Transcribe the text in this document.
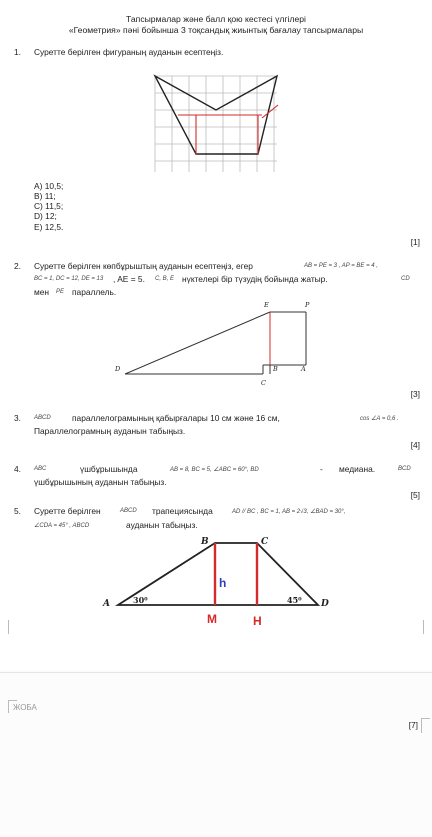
Тапсырмалар және балл қою кестесі үлгілері
«Геометрия» пәні бойынша 3 тоқсандық жиынтық бағалау тапсырмалары
1. Суретте берілген фигураның ауданын есептеңіз.
A) 10,5;
B) 11;
C) 11,5;
D) 12;
E) 12,5.
[1]
2. Суретте берілген көпбұрыштың ауданын есептеңіз, егер	AB = PE = 3 , AP = BE = 4 ,
BC = 1, DC = 12, DE = 13 , AE = 5. C, B, E нүктелері бір түзудің бойында жатыр.	CD
мен PE параллель.
E	P
D	B	A
C
[3]
3. ABCD	параллелограмының қабырғалары 10 см және 16 см,	cos ∠A = 0,6 .
Параллелограмның ауданын табыңыз.
[4]
4. ABC	үшбұрышында	AB = 8, BC = 5, ∠ABC = 60°, BD	- медиана.	BCD
үшбұрышының ауданын табыңыз.
[5]
5. Суретте берілген	ABCD трапециясында	AD // BC , BC = 1, AB = 2√3, ∠BAD = 30°,
∠CDA = 45° , ABCD	ауданын табыңыз.
B	C
A	D
30⁰	45⁰
h
M	H
ЖОБА
[7]
